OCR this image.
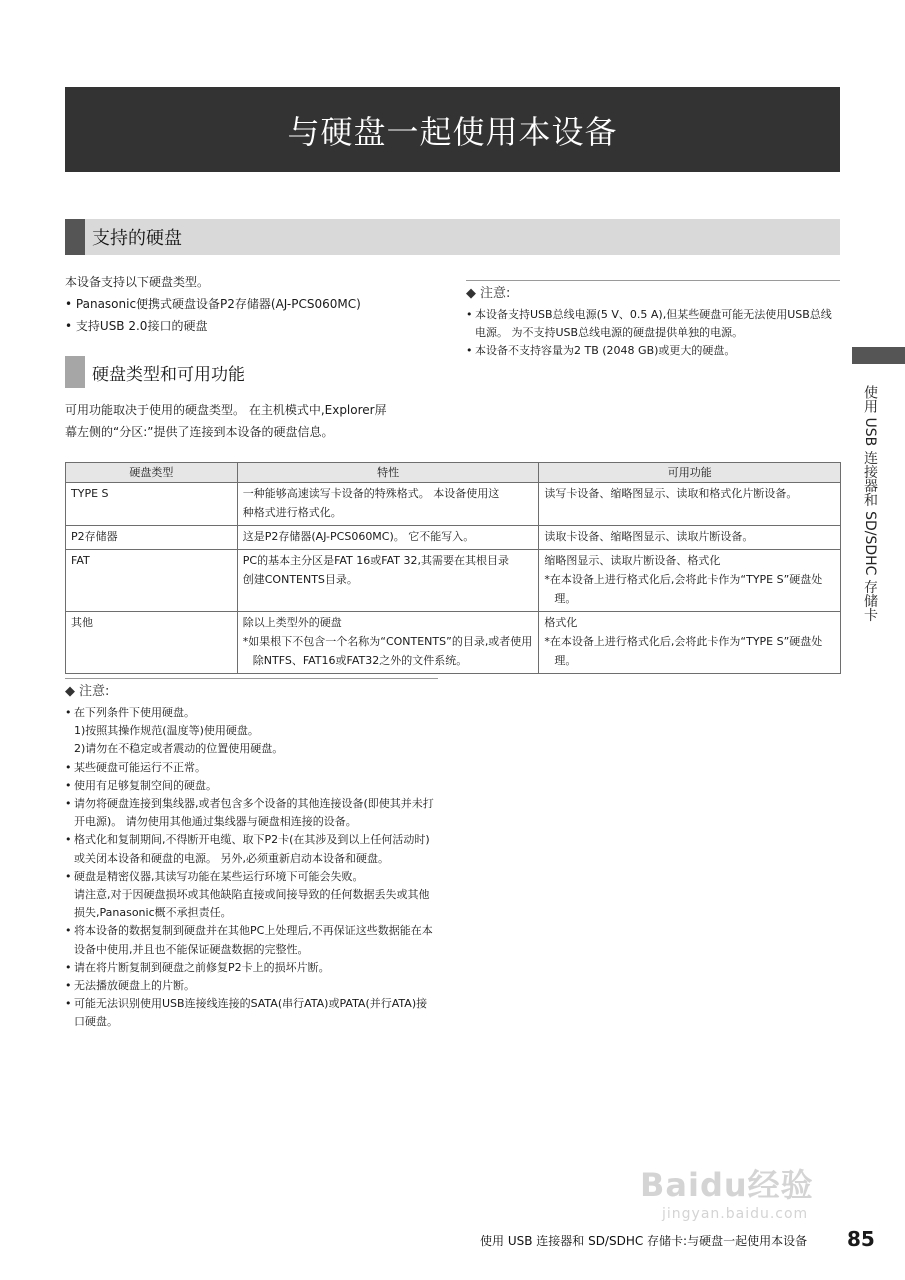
与硬盘一起使用本设备
支持的硬盘
本设备支持以下硬盘类型。
• Panasonic便携式硬盘设备P2存储器(AJ-PCS060MC)
• 支持USB 2.0接口的硬盘
◆ 注意:
• 本设备支持USB总线电源(5 V、0.5 A),但某些硬盘可能无法使用USB总线电源。 为不支持USB总线电源的硬盘提供单独的电源。
• 本设备不支持容量为2 TB (2048 GB)或更大的硬盘。
使用 USB 连接器和 SD/SDHC 存储卡
硬盘类型和可用功能
可用功能取决于使用的硬盘类型。 在主机模式中,Explorer屏
幕左侧的“分区:”提供了连接到本设备的硬盘信息。
硬盘类型	特性	可用功能
TYPE S	一种能够高速读写卡设备的特殊格式。 本设备使用这
种格式进行格式化。	读写卡设备、缩略图显示、读取和格式化片断设备。
P2存储器	这是P2存储器(AJ-PCS060MC)。 它不能写入。	读取卡设备、缩略图显示、读取片断设备。
FAT	PC的基本主分区是FAT 16或FAT 32,其需要在其根目录
创建CONTENTS目录。	缩略图显示、读取片断设备、格式化
*在本设备上进行格式化后,会将此卡作为“TYPE S”硬盘处理。

其他	除以上类型外的硬盘
*如果根下不包含一个名称为“CONTENTS”的目录,或者使用除NTFS、FAT16或FAT32之外的文件系统。	格式化
*在本设备上进行格式化后,会将此卡作为“TYPE S”硬盘处理。
◆ 注意:
• 在下列条件下使用硬盘。
1)按照其操作规范(温度等)使用硬盘。
2)请勿在不稳定或者震动的位置使用硬盘。
• 某些硬盘可能运行不正常。
• 使用有足够复制空间的硬盘。
• 请勿将硬盘连接到集线器,或者包含多个设备的其他连接设备(即使其并未打开电源)。 请勿使用其他通过集线器与硬盘相连接的设备。
• 格式化和复制期间,不得断开电缆、取下P2卡(在其涉及到以上任何活动时)或关闭本设备和硬盘的电源。 另外,必须重新启动本设备和硬盘。
• 硬盘是精密仪器,其读写功能在某些运行环境下可能会失败。
请注意,对于因硬盘损坏或其他缺陷直接或间接导致的任何数据丢失或其他损失,Panasonic概不承担责任。
• 将本设备的数据复制到硬盘并在其他PC上处理后,不再保证这些数据能在本设备中使用,并且也不能保证硬盘数据的完整性。
• 请在将片断复制到硬盘之前修复P2卡上的损坏片断。
• 无法播放硬盘上的片断。
• 可能无法识别使用USB连接线连接的SATA(串行ATA)或PATA(并行ATA)接口硬盘。
Baidu经验
jingyan.baidu.com
使用 USB 连接器和 SD/SDHC 存储卡:与硬盘一起使用本设备 85
